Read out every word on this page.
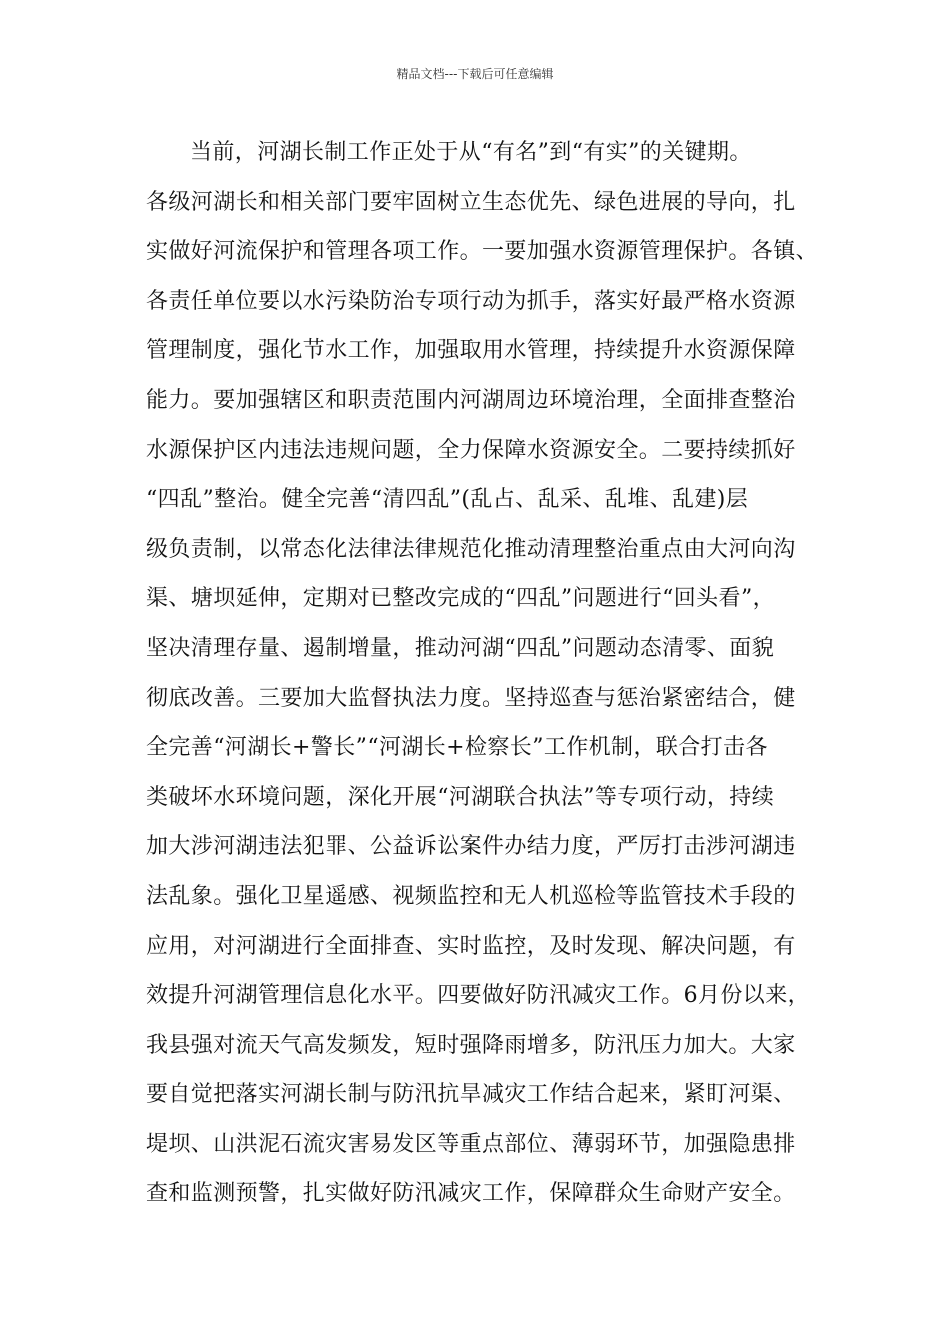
精品文档---下载后可任意编辑
当前，河湖长制工作正处于从“有名”到“有实”的关键期。
各级河湖长和相关部门要牢固树立生态优先、绿色进展的导向，扎
实做好河流保护和管理各项工作。一要加强水资源管理保护。各镇、
各责任单位要以水污染防治专项行动为抓手，落实好最严格水资源
管理制度，强化节水工作，加强取用水管理，持续提升水资源保障
能力。要加强辖区和职责范围内河湖周边环境治理，全面排查整治
水源保护区内违法违规问题，全力保障水资源安全。二要持续抓好
“四乱”整治。健全完善“清四乱”(乱占、乱采、乱堆、乱建)层
级负责制，以常态化法律法律规范化推动清理整治重点由大河向沟
渠、塘坝延伸，定期对已整改完成的“四乱”问题进行“回头看”，
坚决清理存量、遏制增量，推动河湖“四乱”问题动态清零、面貌
彻底改善。三要加大监督执法力度。坚持巡查与惩治紧密结合，健
全完善“河湖长+警长”“河湖长+检察长”工作机制，联合打击各
类破坏水环境问题，深化开展“河湖联合执法”等专项行动，持续
加大涉河湖违法犯罪、公益诉讼案件办结力度，严厉打击涉河湖违
法乱象。强化卫星遥感、视频监控和无人机巡检等监管技术手段的
应用，对河湖进行全面排查、实时监控，及时发现、解决问题，有
效提升河湖管理信息化水平。四要做好防汛减灾工作。6月份以来，
我县强对流天气高发频发，短时强降雨增多，防汛压力加大。大家
要自觉把落实河湖长制与防汛抗旱减灾工作结合起来，紧盯河渠、
堤坝、山洪泥石流灾害易发区等重点部位、薄弱环节，加强隐患排
查和监测预警，扎实做好防汛减灾工作，保障群众生命财产安全。
